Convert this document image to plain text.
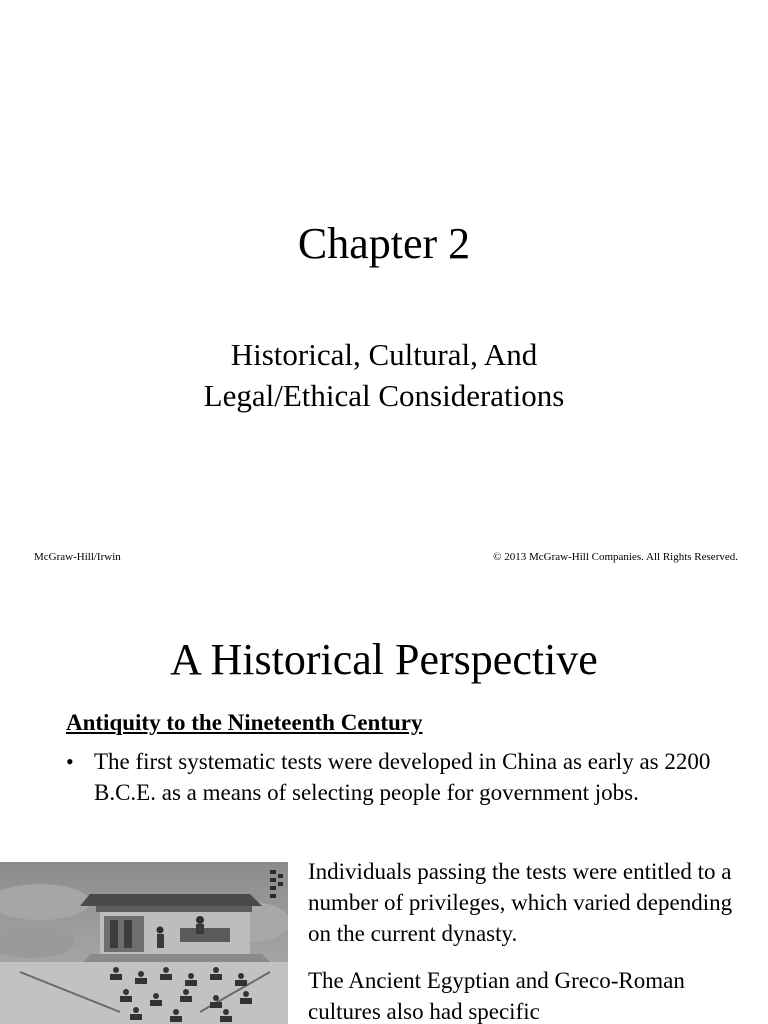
Chapter 2
Historical, Cultural, And
Legal/Ethical Considerations
McGraw-Hill/Irwin	© 2013 McGraw-Hill Companies. All Rights Reserved.
A Historical Perspective
Antiquity to the Nineteenth Century
• The first systematic tests were developed in China as early as 2200 B.C.E. as a means of selecting people for government jobs.

Individuals passing the tests were entitled to a number of privileges, which varied depending on the current dynasty.

The Ancient Egyptian and Greco-Roman cultures also had specific
